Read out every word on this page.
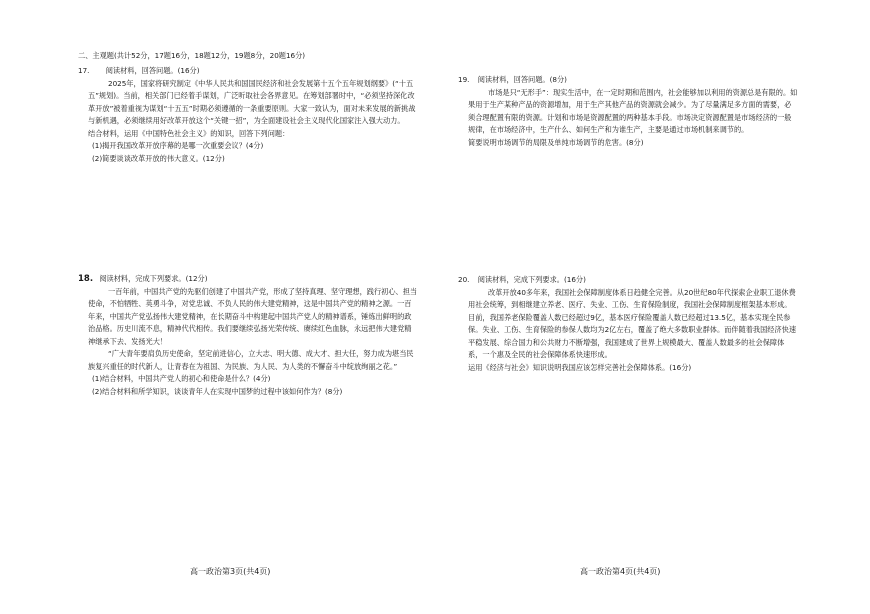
二、主观题(共计52分，17题16分，18题12分，19题8分，20题16分)

17. 阅读材料，回答问题。(16分)

2025年，国家将研究制定《中华人民共和国国民经济和社会发展第十五个五年规划纲要》(“十五五”规划)。当前，相关部门已经着手谋划，广泛听取社会各界意见。在筹划部署时中，“必须坚持深化改革开放”被着重视为谋划“十五五”时期必须遵循的一条重要原则。大家一致认为，面对未来发展的新挑战与新机遇，必须继续用好改革开放这个“关键一招”，为全面建设社会主义现代化国家注入强大动力。

结合材料，运用《中国特色社会主义》的知识，回答下列问题：

(1)揭开我国改革开放序幕的是哪一次重要会议？(4分)

(2)简要谈谈改革开放的伟大意义。(12分)

18. 阅读材料，完成下列要求。(12分)

一百年前，中国共产党的先驱们创建了中国共产党，形成了坚持真理、坚守理想，践行初心、担当使命，不怕牺牲、英勇斗争，对党忠诚、不负人民的伟大建党精神，这是中国共产党的精神之源。一百年来，中国共产党弘扬伟大建党精神，在长期奋斗中构建起中国共产党人的精神谱系，锤炼出鲜明的政治品格。历史川流不息，精神代代相传。我们要继续弘扬光荣传统、赓续红色血脉，永远把伟大建党精神继承下去、发扬光大！

“广大青年要肩负历史使命，坚定前进信心，立大志、明大德、成大才、担大任，努力成为堪当民族复兴重任的时代新人，让青春在为祖国、为民族、为人民、为人类的不懈奋斗中绽放绚丽之花。”

(1)结合材料，中国共产党人的初心和使命是什么？(4分)

(2)结合材料和所学知识，谈谈青年人在实现中国梦的过程中该如何作为？(8分)

19. 阅读材料，回答问题。(8分)

市场是只“无形手”：现实生活中，在一定时期和范围内，社会能够加以利用的资源总是有限的。如果用于生产某种产品的资源增加，用于生产其他产品的资源就会减少。为了尽量满足多方面的需要，必须合理配置有限的资源。计划和市场是资源配置的两种基本手段。市场决定资源配置是市场经济的一般规律，在市场经济中，生产什么、如何生产和为谁生产，主要是通过市场机制来调节的。

简要说明市场调节的局限及单纯市场调节的危害。(8分)

20. 阅读材料，完成下列要求。(16分)

改革开放40多年来，我国社会保障制度体系日趋健全完善。从20世纪80年代探索企业职工退休费用社会统筹，到相继建立养老、医疗、失业、工伤、生育保险制度，我国社会保障制度框架基本形成。目前，我国养老保险覆盖人数已经超过9亿，基本医疗保险覆盖人数已经超过13.5亿，基本实现全民参保。失业、工伤、生育保险的参保人数均为2亿左右，覆盖了绝大多数职业群体。而伴随着我国经济快速平稳发展、综合国力和公共财力不断增强，我国建成了世界上规模最大、覆盖人数最多的社会保障体系，一个惠及全民的社会保障体系快速形成。

运用《经济与社会》知识说明我国应该怎样完善社会保障体系。(16分)

高一政治第3页(共4页)	高一政治第4页(共4页)
